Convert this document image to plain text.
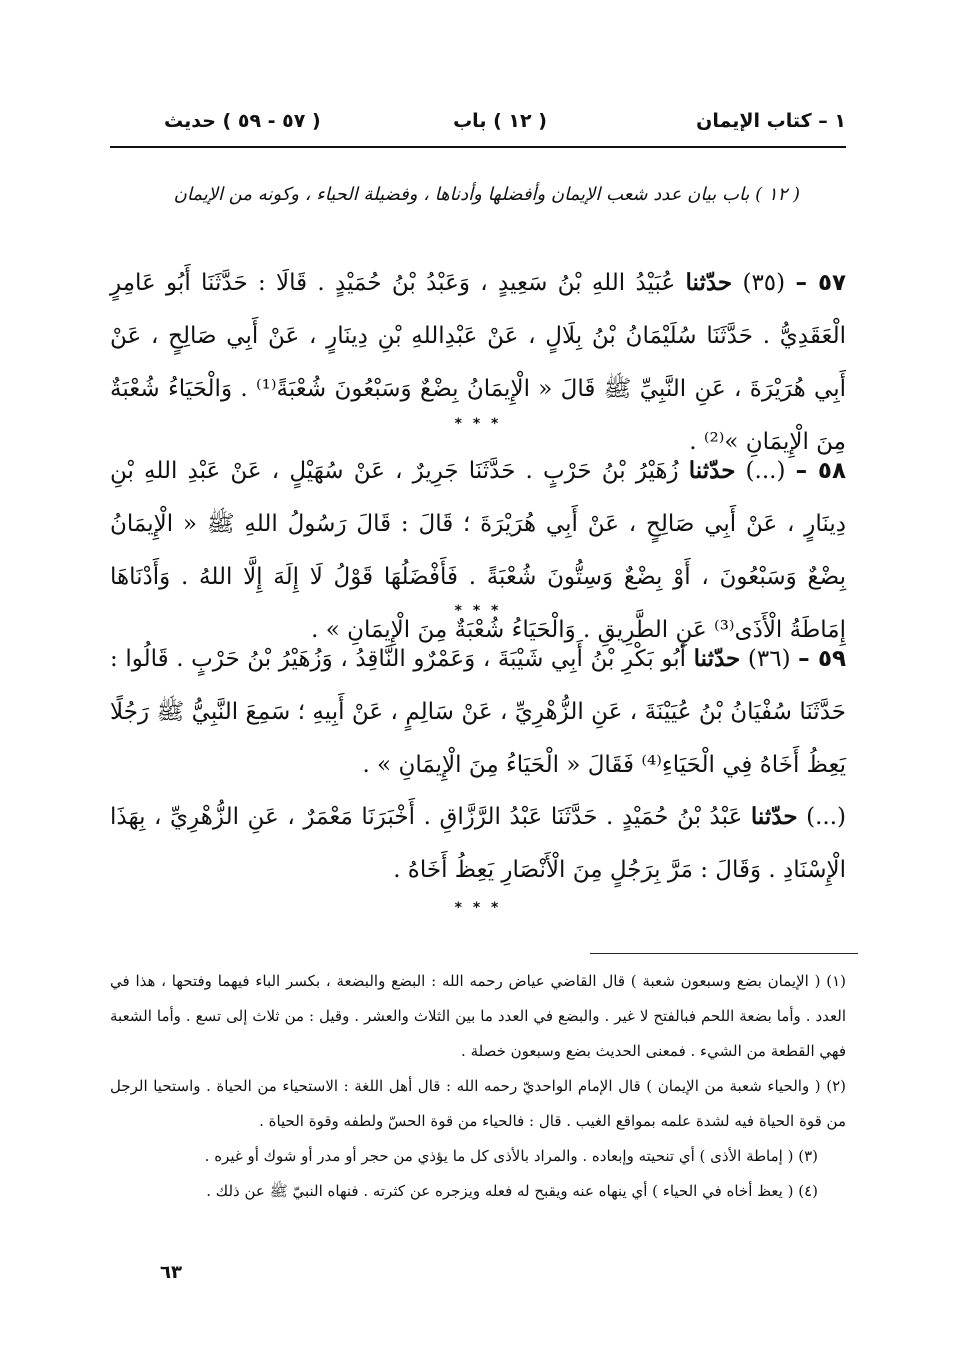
١ – كتاب الإيمان
( ١٢ ) باب
( ٥٧ - ٥٩ ) حديث
( ١٢ ) باب بيان عدد شعب الإيمان وأفضلها وأدناها ، وفضيلة الحياء ، وكونه من الإيمان
٥٧ – (٣٥) حدّثنا عُبَيْدُ اللهِ بْنُ سَعِيدٍ ، وَعَبْدُ بْنُ حُمَيْدٍ . قَالَا : حَدَّثَنَا أَبُو عَامِرٍ الْعَقَدِيُّ . حَدَّثَنَا سُلَيْمَانُ بْنُ بِلَالٍ ، عَنْ عَبْدِاللهِ بْنِ دِينَارٍ ، عَنْ أَبِي صَالِحٍ ، عَنْ أَبِي هُرَيْرَةَ ، عَنِ النَّبِيِّ ﷺ قَالَ « الْإِيمَانُ بِضْعٌ وَسَبْعُونَ شُعْبَةً⁽¹⁾ . وَالْحَيَاءُ شُعْبَةٌ مِنَ الْإِيمَانِ »⁽²⁾ .
* * *
٥٨ – (...) حدّثنا زُهَيْرُ بْنُ حَرْبٍ . حَدَّثَنَا جَرِيرٌ ، عَنْ سُهَيْلٍ ، عَنْ عَبْدِ اللهِ بْنِ دِينَارٍ ، عَنْ أَبِي صَالِحٍ ، عَنْ أَبِي هُرَيْرَةَ ؛ قَالَ : قَالَ رَسُولُ اللهِ ﷺ « الْإِيمَانُ بِضْعٌ وَسَبْعُونَ ، أَوْ بِضْعٌ وَسِتُّونَ شُعْبَةً . فَأَفْضَلُهَا قَوْلُ لَا إِلَهَ إِلَّا اللهُ . وَأَدْنَاهَا إِمَاطَةُ الْأَذَى⁽³⁾ عَنِ الطَّرِيقِ . وَالْحَيَاءُ شُعْبَةٌ مِنَ الْإِيمَانِ » .
* * *
٥٩ – (٣٦) حدّثنا أَبُو بَكْرِ بْنُ أَبِي شَيْبَةَ ، وَعَمْرٌو النَّاقِدُ ، وَزُهَيْرُ بْنُ حَرْبٍ . قَالُوا : حَدَّثَنَا سُفْيَانُ بْنُ عُيَيْنَةَ ، عَنِ الزُّهْرِيِّ ، عَنْ سَالِمٍ ، عَنْ أَبِيهِ ؛ سَمِعَ النَّبِيُّ ﷺ رَجُلًا يَعِظُ أَخَاهُ فِي الْحَيَاءِ⁽⁴⁾ فَقَالَ « الْحَيَاءُ مِنَ الْإِيمَانِ » .
(...) حدّثنا عَبْدُ بْنُ حُمَيْدٍ . حَدَّثَنَا عَبْدُ الرَّزَّاقِ . أَخْبَرَنَا مَعْمَرٌ ، عَنِ الزُّهْرِيِّ ، بِهَذَا الْإِسْنَادِ . وَقَالَ : مَرَّ بِرَجُلٍ مِنَ الْأَنْصَارِ يَعِظُ أَخَاهُ .
* * *
(١) ( الإيمان بضع وسبعون شعبة ) قال القاضي عياض رحمه الله : البضع والبضعة ، بكسر الباء فيهما وفتحها ، هذا في العدد . وأما بضعة اللحم فبالفتح لا غير . والبضع في العدد ما بين الثلاث والعشر . وقيل : من ثلاث إلى تسع . وأما الشعبة فهي القطعة من الشيء . فمعنى الحديث بضع وسبعون خصلة .
(٢) ( والحياء شعبة من الإيمان ) قال الإمام الواحديّ رحمه الله : قال أهل اللغة : الاستحياء من الحياة . واستحيا الرجل من قوة الحياة فيه لشدة علمه بمواقع الغيب . قال : فالحياء من قوة الحسّ ولطفه وقوة الحياة .
(٣) ( إماطة الأذى ) أي تنحيته وإبعاده . والمراد بالأذى كل ما يؤذي من حجر أو مدر أو شوك أو غيره .
(٤) ( يعظ أخاه في الحياء ) أي ينهاه عنه ويقبح له فعله ويزجره عن كثرته . فنهاه النبيّ ﷺ عن ذلك .
٦٣
